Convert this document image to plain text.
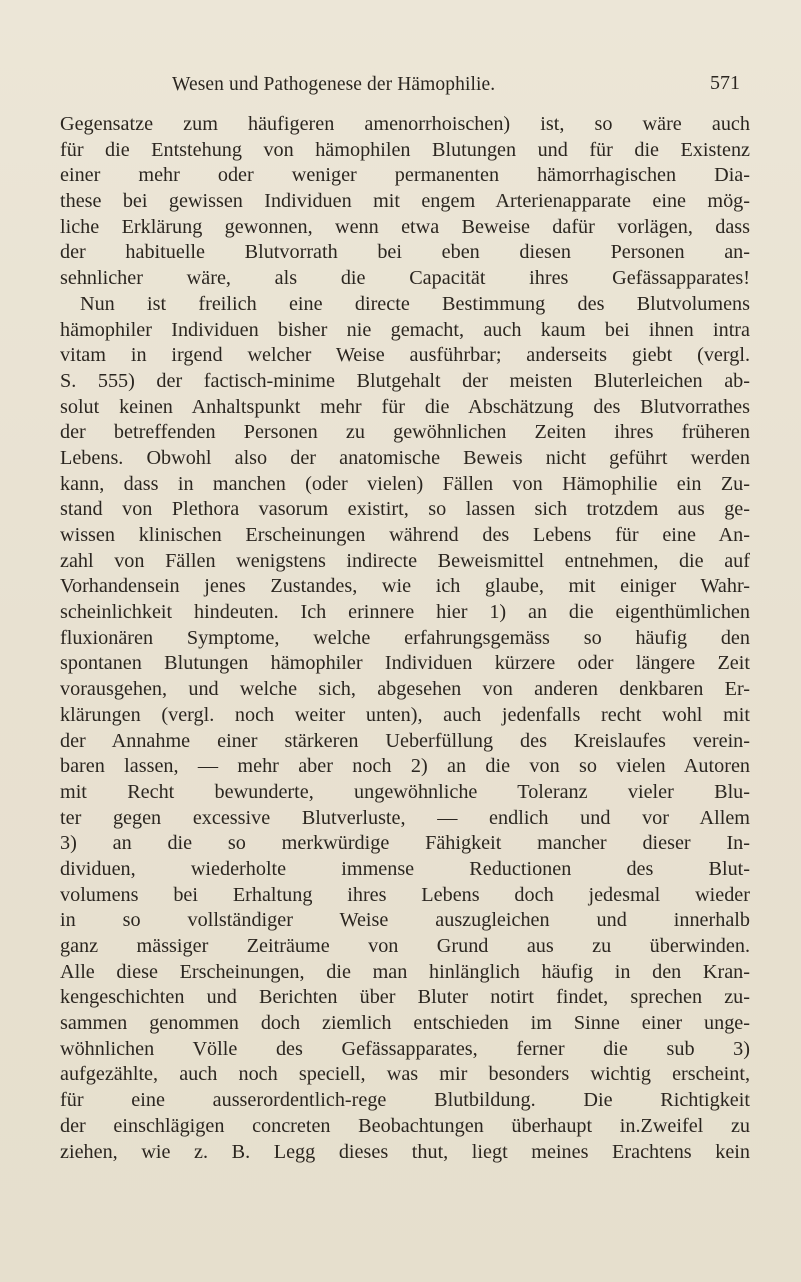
Wesen und Pathogenese der Hämophilie.	571
Gegensatze zum häufigeren amenorrhoischen) ist, so wäre auch
für die Entstehung von hämophilen Blutungen und für die Existenz
einer mehr oder weniger permanenten hämorrhagischen Dia-
these bei gewissen Individuen mit engem Arterienapparate eine mög-
liche Erklärung gewonnen, wenn etwa Beweise dafür vorlägen, dass
der habituelle Blutvorrath bei eben diesen Personen an-
sehnlicher wäre, als die Capacität ihres Gefässapparates!
Nun ist freilich eine directe Bestimmung des Blutvolumens
hämophiler Individuen bisher nie gemacht, auch kaum bei ihnen intra
vitam in irgend welcher Weise ausführbar; anderseits giebt (vergl.
S. 555) der factisch-minime Blutgehalt der meisten Bluterleichen ab-
solut keinen Anhaltspunkt mehr für die Abschätzung des Blutvorrathes
der betreffenden Personen zu gewöhnlichen Zeiten ihres früheren
Lebens. Obwohl also der anatomische Beweis nicht geführt werden
kann, dass in manchen (oder vielen) Fällen von Hämophilie ein Zu-
stand von Plethora vasorum existirt, so lassen sich trotzdem aus ge-
wissen klinischen Erscheinungen während des Lebens für eine An-
zahl von Fällen wenigstens indirecte Beweismittel entnehmen, die auf
Vorhandensein jenes Zustandes, wie ich glaube, mit einiger Wahr-
scheinlichkeit hindeuten. Ich erinnere hier 1) an die eigenthümlichen
fluxionären Symptome, welche erfahrungsgemäss so häufig den
spontanen Blutungen hämophiler Individuen kürzere oder längere Zeit
vorausgehen, und welche sich, abgesehen von anderen denkbaren Er-
klärungen (vergl. noch weiter unten), auch jedenfalls recht wohl mit
der Annahme einer stärkeren Ueberfüllung des Kreislaufes verein-
baren lassen, — mehr aber noch 2) an die von so vielen Autoren
mit Recht bewunderte, ungewöhnliche Toleranz vieler Blu-
ter gegen excessive Blutverluste, — endlich und vor Allem
3) an die so merkwürdige Fähigkeit mancher dieser In-
dividuen, wiederholte immense Reductionen des Blut-
volumens bei Erhaltung ihres Lebens doch jedesmal wieder
in so vollständiger Weise auszugleichen und innerhalb
ganz mässiger Zeiträume von Grund aus zu überwinden.
Alle diese Erscheinungen, die man hinlänglich häufig in den Kran-
kengeschichten und Berichten über Bluter notirt findet, sprechen zu-
sammen genommen doch ziemlich entschieden im Sinne einer unge-
wöhnlichen Völle des Gefässapparates, ferner die sub 3)
aufgezählte, auch noch speciell, was mir besonders wichtig erscheint,
für eine ausserordentlich-rege Blutbildung. Die Richtigkeit
der einschlägigen concreten Beobachtungen überhaupt in.Zweifel zu
ziehen, wie z. B. Legg dieses thut, liegt meines Erachtens kein
